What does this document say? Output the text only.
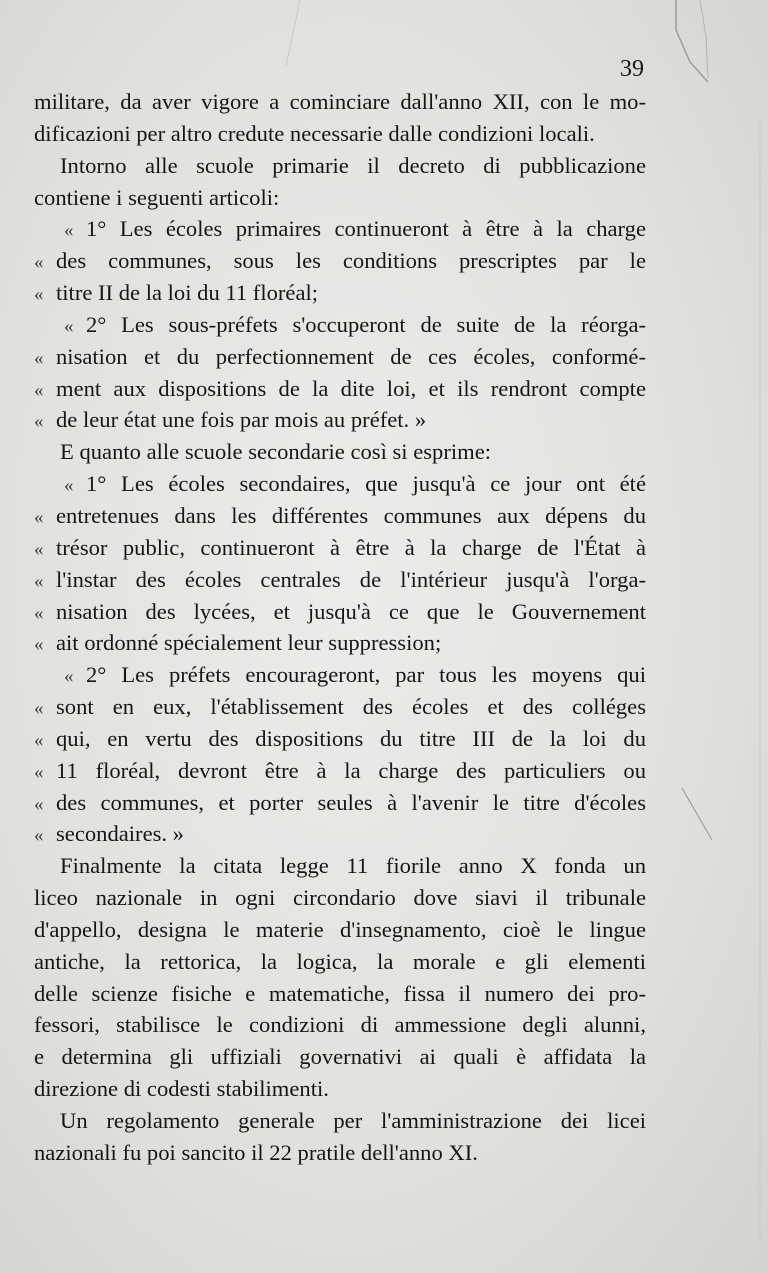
39
militare, da aver vigore a cominciare dall'anno XII, con le mo-
dificazioni per altro credute necessarie dalle condizioni locali.
Intorno alle scuole primarie il decreto di pubblicazione
contiene i seguenti articoli:
« 1° Les écoles primaires continueront à être à la charge
« des communes, sous les conditions prescriptes par le
« titre II de la loi du 11 floréal;
« 2° Les sous-préfets s'occuperont de suite de la réorga-
« nisation et du perfectionnement de ces écoles, conformé-
« ment aux dispositions de la dite loi, et ils rendront compte
« de leur état une fois par mois au préfet. »
E quanto alle scuole secondarie così si esprime:
« 1° Les écoles secondaires, que jusqu'à ce jour ont été
« entretenues dans les différentes communes aux dépens du
« trésor public, continueront à être à la charge de l'État à
« l'instar des écoles centrales de l'intérieur jusqu'à l'orga-
« nisation des lycées, et jusqu'à ce que le Gouvernement
« ait ordonné spécialement leur suppression;
« 2° Les préfets encourageront, par tous les moyens qui
« sont en eux, l'établissement des écoles et des colléges
« qui, en vertu des dispositions du titre III de la loi du
« 11 floréal, devront être à la charge des particuliers ou
« des communes, et porter seules à l'avenir le titre d'écoles
« secondaires. »
Finalmente la citata legge 11 fiorile anno X fonda un
liceo nazionale in ogni circondario dove siavi il tribunale
d'appello, designa le materie d'insegnamento, cioè le lingue
antiche, la rettorica, la logica, la morale e gli elementi
delle scienze fisiche e matematiche, fissa il numero dei pro-
fessori, stabilisce le condizioni di ammessione degli alunni,
e determina gli uffiziali governativi ai quali è affidata la
direzione di codesti stabilimenti.
Un regolamento generale per l'amministrazione dei licei
nazionali fu poi sancito il 22 pratile dell'anno XI.
